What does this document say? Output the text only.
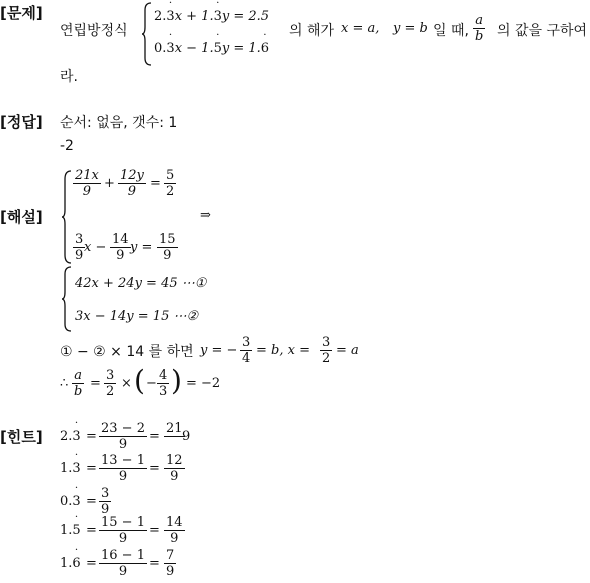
[문제]
[정답]
[해설]
[힌트]
연립방정식
2.3 ˙x + 1.3 ˙y = 2.5
0.3 ˙x − 1.5 ˙y = 1.6 ˙
의 해가 x = a, y = b 일 때,
a
b 의 값을 구하여
라.
순서: 없음, 갯수: 1
-2
21x
9
+
12y
9
=
5
2
3
9
x −
14
9
y =
15
9
⇒
42x + 24y = 45 ⋯①
3x − 14y = 15 ⋯②
① − ② × 14 를 하면 y = −
3
4
= b, x =
3
2
= a
∴
a
b
=
3
2
× ( −
4
3 ) = −2
2.3 ˙ =
23 − 2
9
=
21

9
1.3 ˙ =
13 − 1
9
=
12
9
0.3 ˙ =
3
9
1.5 ˙ =
15 − 1
9
=
14
9
1.6 ˙ =
16 − 1
9
=
7
9
